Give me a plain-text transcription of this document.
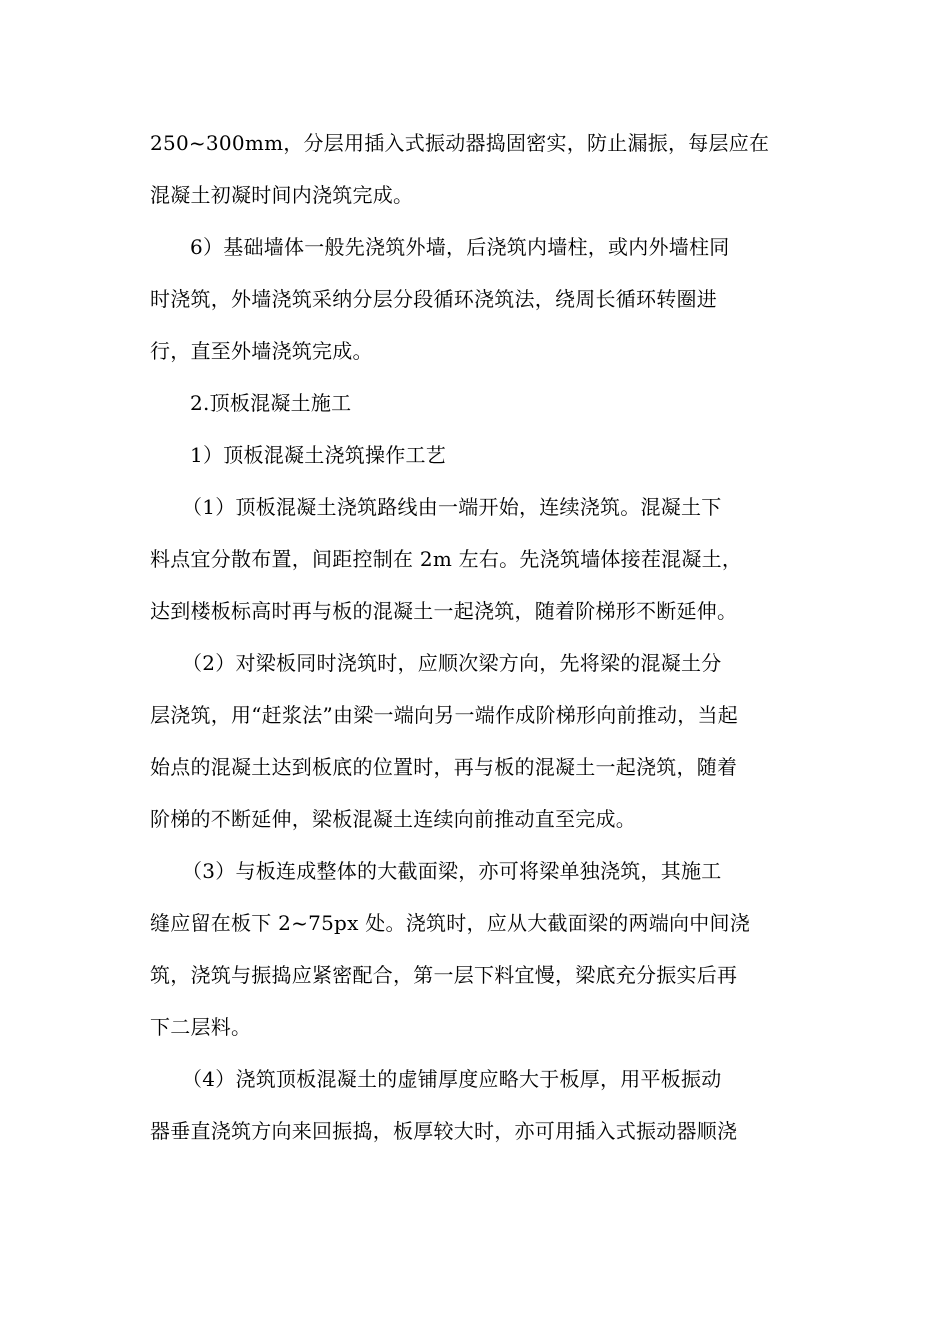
250~300mm，分层用插入式振动器捣固密实，防止漏振，每层应在
混凝土初凝时间内浇筑完成。
6）基础墙体一般先浇筑外墙，后浇筑内墙柱，或内外墙柱同
时浇筑，外墙浇筑采纳分层分段循环浇筑法，绕周长循环转圈进
行，直至外墙浇筑完成。
2.顶板混凝土施工
1）顶板混凝土浇筑操作工艺
（1）顶板混凝土浇筑路线由一端开始，连续浇筑。混凝土下
料点宜分散布置，间距控制在 2m 左右。先浇筑墙体接茬混凝土，
达到楼板标高时再与板的混凝土一起浇筑，随着阶梯形不断延伸。
（2）对梁板同时浇筑时，应顺次梁方向，先将梁的混凝土分
层浇筑，用“赶浆法”由梁一端向另一端作成阶梯形向前推动，当起
始点的混凝土达到板底的位置时，再与板的混凝土一起浇筑，随着
阶梯的不断延伸，梁板混凝土连续向前推动直至完成。
（3）与板连成整体的大截面梁，亦可将梁单独浇筑，其施工
缝应留在板下 2~75px 处。浇筑时，应从大截面梁的两端向中间浇
筑，浇筑与振捣应紧密配合，第一层下料宜慢，梁底充分振实后再
下二层料。
（4）浇筑顶板混凝土的虚铺厚度应略大于板厚，用平板振动
器垂直浇筑方向来回振捣，板厚较大时，亦可用插入式振动器顺浇
